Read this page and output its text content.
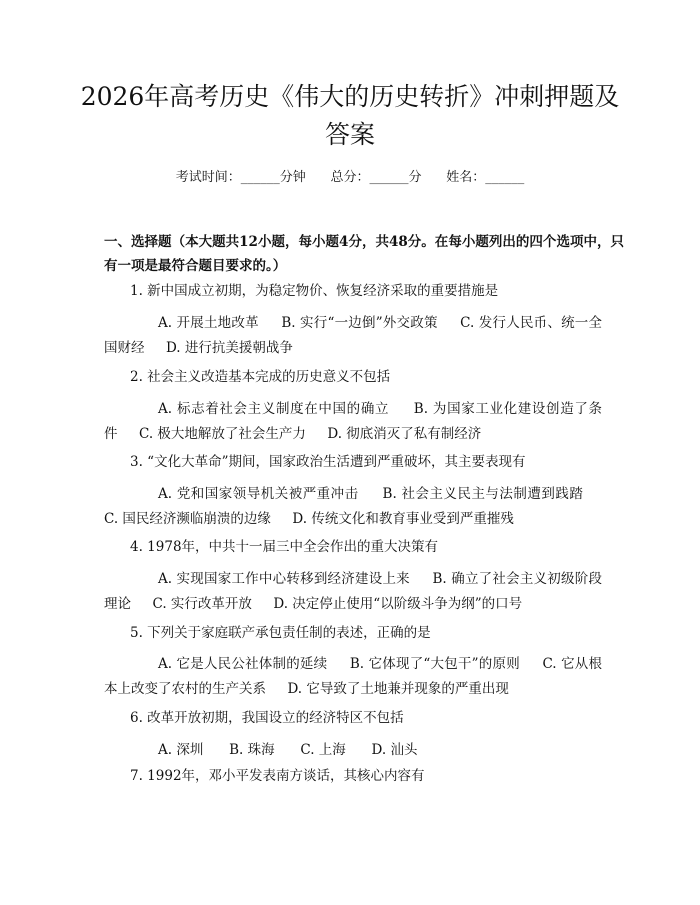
2026年高考历史《伟大的历史转折》冲刺押题及答案
考试时间：______分钟      总分：______分      姓名：______
一、选择题（本大题共12小题，每小题4分，共48分。在每小题列出的四个选项中，只有一项是最符合题目要求的。）
1. 新中国成立初期，为稳定物价、恢复经济采取的重要措施是
A. 开展土地改革 B. 实行“一边倒”外交政策 C. 发行人民币、统一全国财经 D. 进行抗美援朝战争
2. 社会主义改造基本完成的历史意义不包括
A. 标志着社会主义制度在中国的确立 B. 为国家工业化建设创造了条件 C. 极大地解放了社会生产力 D. 彻底消灭了私有制经济
3. “文化大革命”期间，国家政治生活遭到严重破坏，其主要表现有
A. 党和国家领导机关被严重冲击 B. 社会主义民主与法制遭到践踏     C. 国民经济濒临崩溃的边缘 D. 传统文化和教育事业受到严重摧残
4. 1978年，中共十一届三中全会作出的重大决策有
A. 实现国家工作中心转移到经济建设上来 B. 确立了社会主义初级阶段理论 C. 实行改革开放 D. 决定停止使用“以阶级斗争为纲”的口号
5. 下列关于家庭联产承包责任制的表述，正确的是
A. 它是人民公社体制的延续 B. 它体现了“大包干”的原则 C. 它从根本上改变了农村的生产关系 D. 它导致了土地兼并现象的严重出现
6. 改革开放初期，我国设立的经济特区不包括
A. 深圳 B. 珠海 C. 上海 D. 汕头
7. 1992年，邓小平发表南方谈话，其核心内容有
